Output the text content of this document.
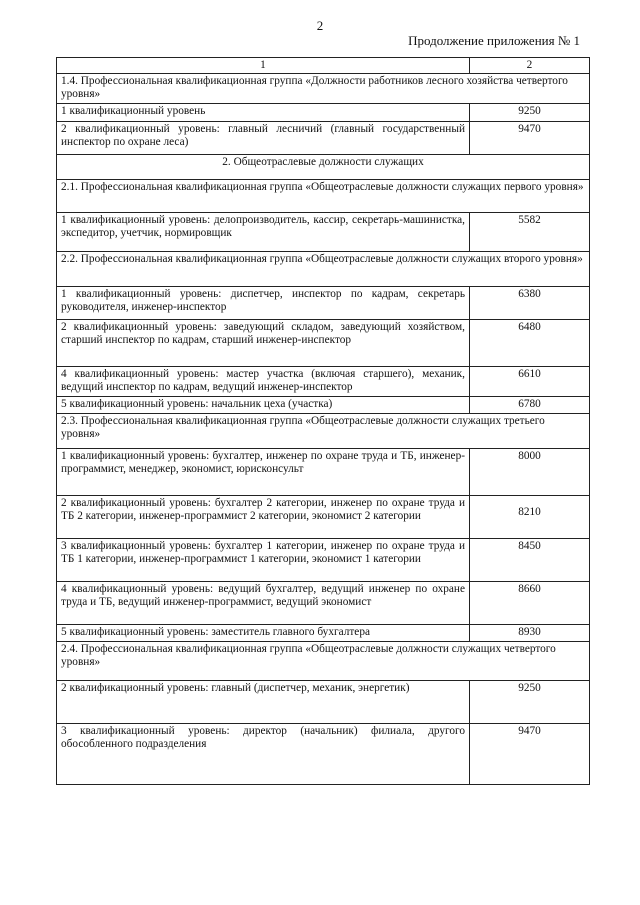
2
Продолжение приложения № 1
1	2
1.4. Профессиональная квалификационная группа «Должности работников лесного хозяйства четвертого уровня»	
1 квалификационный уровень	9250
2 квалификационный уровень: главный лесничий (главный государственный инспектор по охране леса)	9470
2. Общеотраслевые должности служащих	
2.1. Профессиональная квалификационная группа «Общеотраслевые должности служащих первого уровня»	
1 квалификационный уровень: делопроизводитель, кассир, секретарь-машинистка, экспедитор, учетчик, нормировщик	5582
2.2. Профессиональная квалификационная группа «Общеотраслевые должности служащих второго уровня»	
1 квалификационный уровень: диспетчер, инспектор по кадрам, секретарь руководителя, инженер-инспектор	6380
2 квалификационный уровень: заведующий складом, заведующий хозяйством, старший инспектор по кадрам, старший инженер-инспектор	6480
4 квалификационный уровень: мастер участка (включая старшего), механик, ведущий инспектор по кадрам, ведущий инженер-инспектор	6610
5 квалификационный уровень: начальник цеха (участка)	6780
2.3. Профессиональная квалификационная группа «Общеотраслевые должности служащих третьего уровня»	
1 квалификационный уровень: бухгалтер, инженер по охране труда и ТБ, инженер-программист, менеджер, экономист, юрисконсульт	8000
2 квалификационный уровень: бухгалтер 2 категории, инженер по охране труда и ТБ 2 категории, инженер-программист 2 категории, экономист 2 категории	8210
3 квалификационный уровень: бухгалтер 1 категории, инженер по охране труда и ТБ 1 категории, инженер-программист 1 категории, экономист 1 категории	8450
4 квалификационный уровень: ведущий бухгалтер, ведущий инженер по охране труда и ТБ, ведущий инженер-программист, ведущий экономист	8660
5 квалификационный уровень: заместитель главного бухгалтера	8930
2.4. Профессиональная квалификационная группа «Общеотраслевые должности служащих четвертого уровня»	
2 квалификационный уровень: главный (диспетчер, механик, энергетик)	9250
3 квалификационный уровень: директор (начальник) филиала, другого обособленного подразделения	9470
